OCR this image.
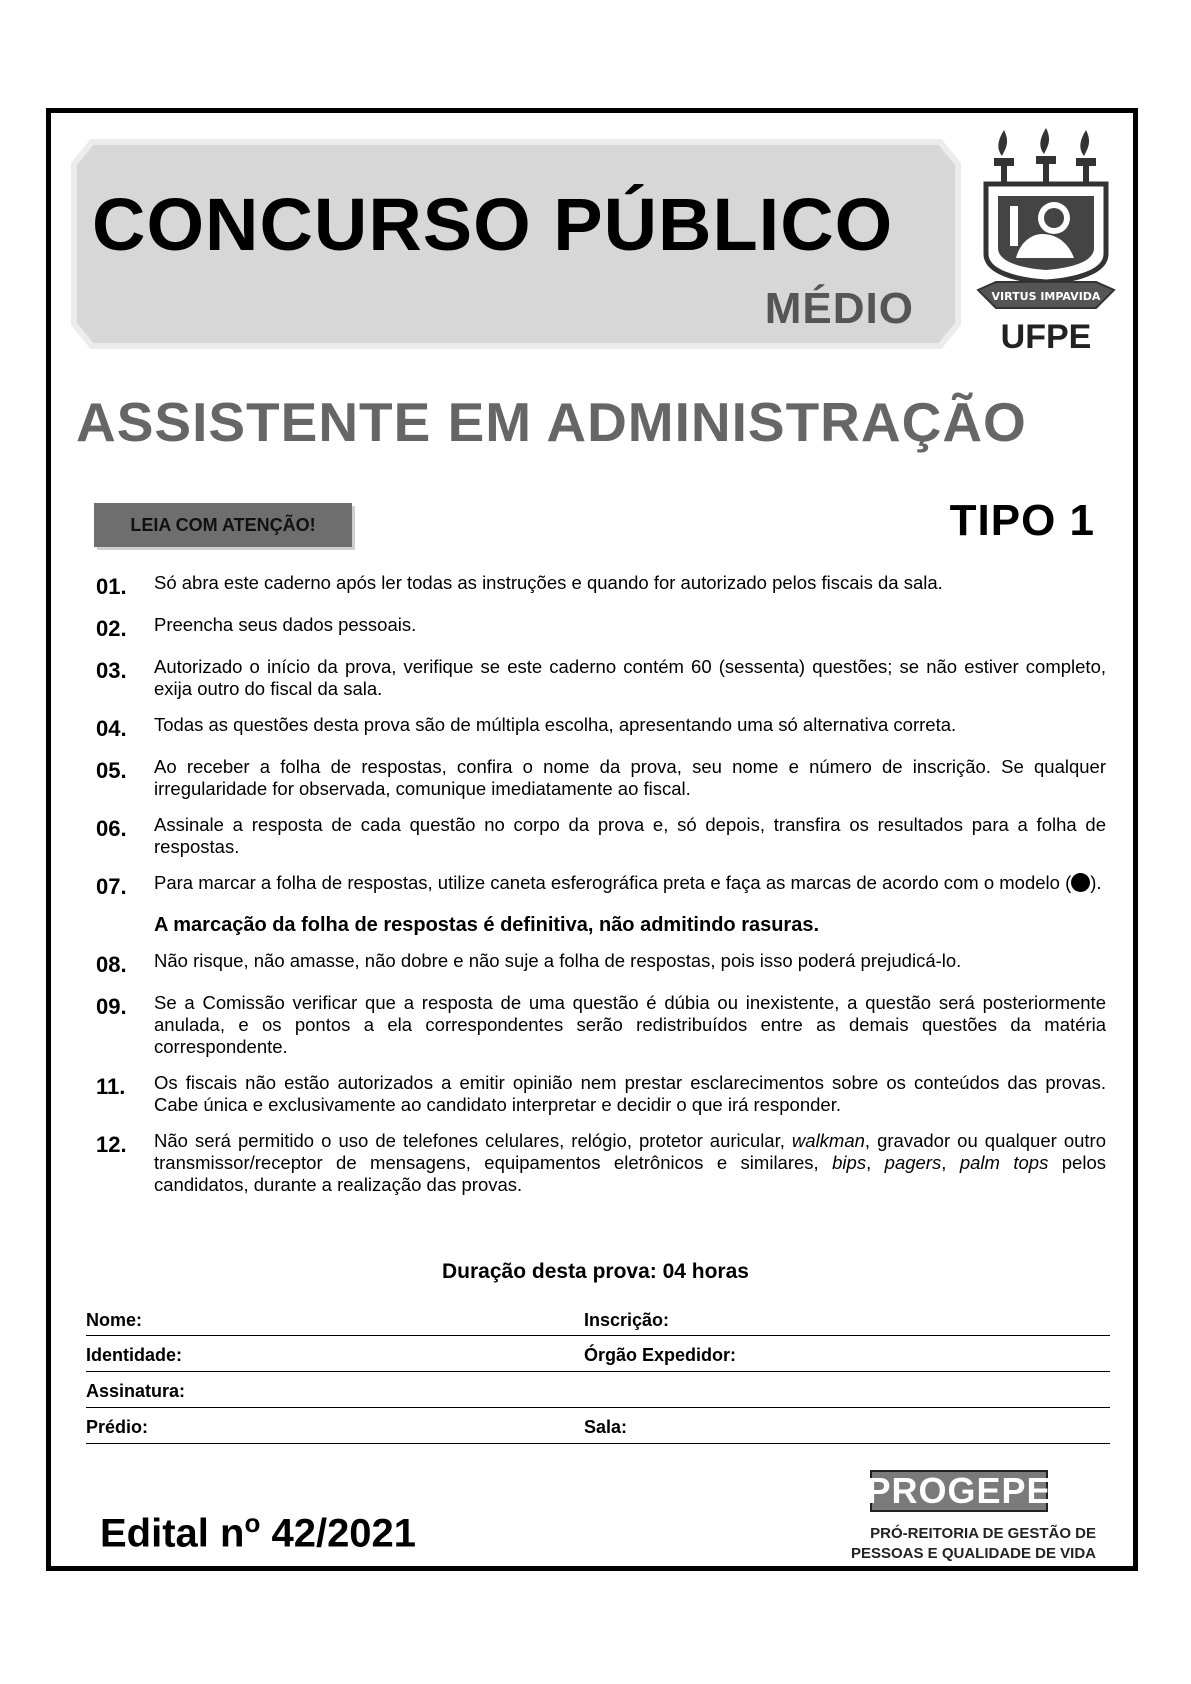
CONCURSO PÚBLICO
MÉDIO	VIRTUS IMPAVIDA
UFPE
ASSISTENTE EM ADMINISTRAÇÃO
LEIA COM ATENÇÃO!	TIPO 1
01.	Só abra este caderno após ler todas as instruções e quando for autorizado pelos fiscais da sala.
02.	Preencha seus dados pessoais.
03.	Autorizado o início da prova, verifique se este caderno contém 60 (sessenta) questões; se não estiver completo, exija outro do fiscal da sala.
04.	Todas as questões desta prova são de múltipla escolha, apresentando uma só alternativa correta.
05.	Ao receber a folha de respostas, confira o nome da prova, seu nome e número de inscrição. Se qualquer irregularidade for observada, comunique imediatamente ao fiscal.
06.	Assinale a resposta de cada questão no corpo da prova e, só depois, transfira os resultados para a folha de respostas.
07.	Para marcar a folha de respostas, utilize caneta esferográfica preta e faça as marcas de acordo com o modelo ( ).
A marcação da folha de respostas é definitiva, não admitindo rasuras.
08.	Não risque, não amasse, não dobre e não suje a folha de respostas, pois isso poderá prejudicá-lo.
09.	Se a Comissão verificar que a resposta de uma questão é dúbia ou inexistente, a questão será posteriormente anulada, e os pontos a ela correspondentes serão redistribuídos entre as demais questões da matéria correspondente.
11.	Os fiscais não estão autorizados a emitir opinião nem prestar esclarecimentos sobre os conteúdos das provas. Cabe única e exclusivamente ao candidato interpretar e decidir o que irá responder.
12.	Não será permitido o uso de telefones celulares, relógio, protetor auricular, walkman, gravador ou qualquer outro transmissor/receptor de mensagens, equipamentos eletrônicos e similares, bips, pagers, palm tops pelos candidatos, durante a realização das provas.
Duração desta prova: 04 horas
Nome:	Inscrição:
Identidade:	Órgão Expedidor:
Assinatura:
Prédio:	Sala:
Edital $n^o$ 42/2021
PROGEPE
PRÓ-REITORIA DE GESTÃO DE
PESSOAS E QUALIDADE DE VIDA
